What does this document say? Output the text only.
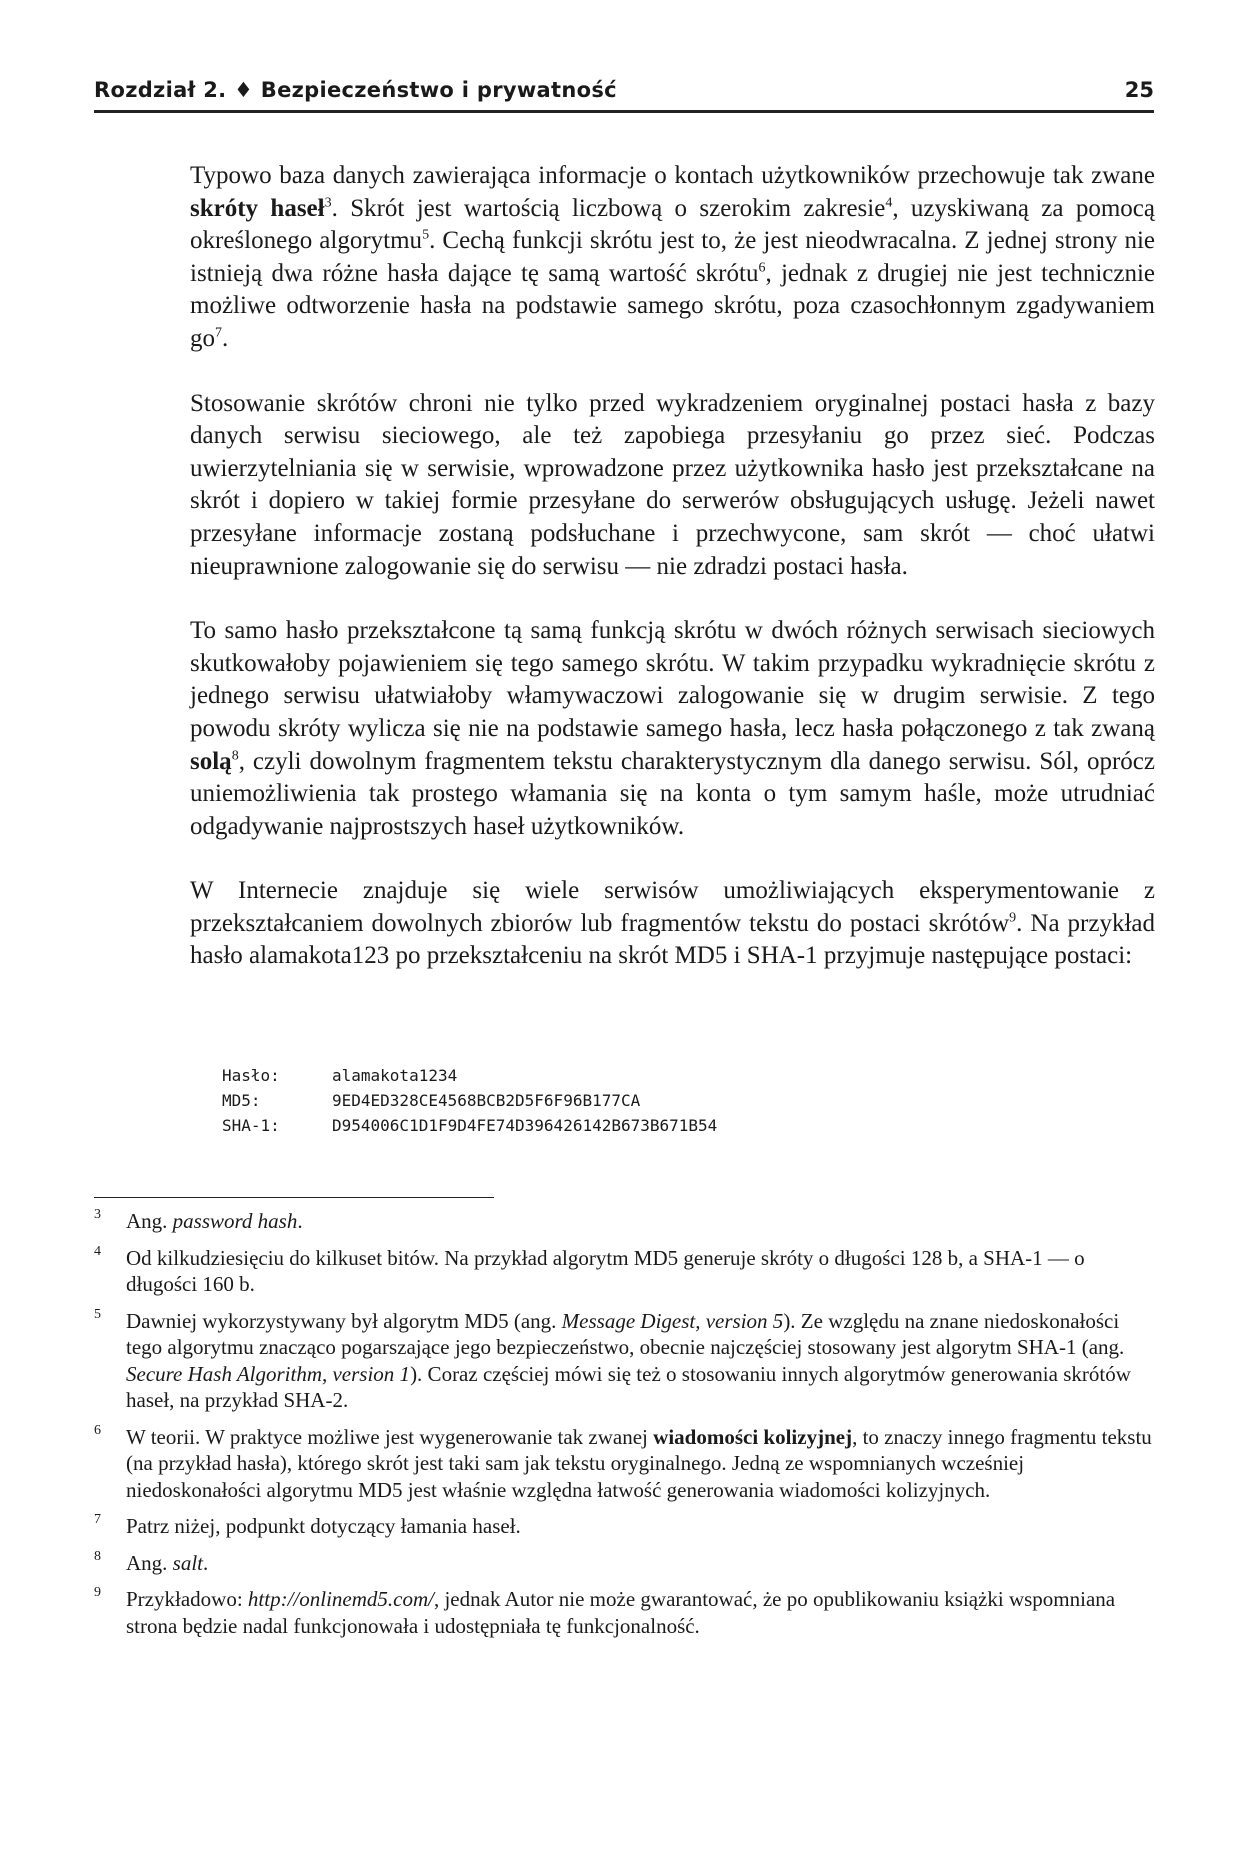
Rozdział 2. ♦ Bezpieczeństwo i prywatność	25

Typowo baza danych zawierająca informacje o kontach użytkowników przechowuje tak zwane skróty haseł$^3$. Skrót jest wartością liczbową o szerokim zakresie$^4$, uzyskiwaną za pomocą określonego algorytmu$^5$. Cechą funkcji skrótu jest to, że jest nieodwracalna. Z jednej strony nie istnieją dwa różne hasła dające tę samą wartość skrótu$^6$, jednak z drugiej nie jest technicznie możliwe odtworzenie hasła na podstawie samego skrótu, poza czasochłonnym zgadywaniem $go^7$.

Stosowanie skrótów chroni nie tylko przed wykradzeniem oryginalnej postaci hasła z bazy danych serwisu sieciowego, ale też zapobiega przesyłaniu go przez sieć. Podczas uwierzytelniania się w serwisie, wprowadzone przez użytkownika hasło jest przekształcane na skrót i dopiero w takiej formie przesyłane do serwerów obsługujących usługę. Jeżeli nawet przesyłane informacje zostaną podsłuchane i przechwycone, sam skrót — choć ułatwi nieuprawnione zalogowanie się do serwisu — nie zdradzi postaci hasła.

To samo hasło przekształcone tą samą funkcją skrótu w dwóch różnych serwisach sieciowych skutkowałoby pojawieniem się tego samego skrótu. W takim przypadku wykradnięcie skrótu z jednego serwisu ułatwiałoby włamywaczowi zalogowanie się w drugim serwisie. Z tego powodu skróty wylicza się nie na podstawie samego hasła, lecz hasła połączonego z tak zwaną solą$^8$, czyli dowolnym fragmentem tekstu charakterystycznym dla danego serwisu. Sól, oprócz uniemożliwienia tak prostego włamania się na konta o tym samym haśle, może utrudniać odgadywanie najprostszych haseł użytkowników.

W Internecie znajduje się wiele serwisów umożliwiających eksperymentowanie z przekształcaniem dowolnych zbiorów lub fragmentów tekstu do postaci skrótów$^9$. Na przykład hasło alamakota123 po przekształceniu na skrót MD5 i SHA-1 przyjmuje następujące postaci:

Hasło:	alamakota1234
MD5:	9ED4ED328CE4568BCB2D5F6F96B177CA
SHA-1:	D954006C1D1F9D4FE74D396426142B673B671B54
3 Ang. password hash.
4 Od kilkudziesięciu do kilkuset bitów. Na przykład algorytm MD5 generuje skróty o długości 128 b, a SHA-1 — o długości 160 b.
5 Dawniej wykorzystywany był algorytm MD5 (ang. Message Digest, version 5). Ze względu na znane niedoskonałości tego algorytmu znacząco pogarszające jego bezpieczeństwo, obecnie najczęściej stosowany jest algorytm SHA-1 (ang. Secure Hash Algorithm, version 1). Coraz częściej mówi się też o stosowaniu innych algorytmów generowania skrótów haseł, na przykład SHA-2.
6 W teorii. W praktyce możliwe jest wygenerowanie tak zwanej wiadomości kolizyjnej, to znaczy innego fragmentu tekstu (na przykład hasła), którego skrót jest taki sam jak tekstu oryginalnego. Jedną ze wspomnianych wcześniej niedoskonałości algorytmu MD5 jest właśnie względna łatwość generowania wiadomości kolizyjnych.
7 Patrz niżej, podpunkt dotyczący łamania haseł.
8 Ang. salt.
9 Przykładowo: http://onlinemd5.com/, jednak Autor nie może gwarantować, że po opublikowaniu książki wspomniana strona będzie nadal funkcjonowała i udostępniała tę funkcjonalność.
